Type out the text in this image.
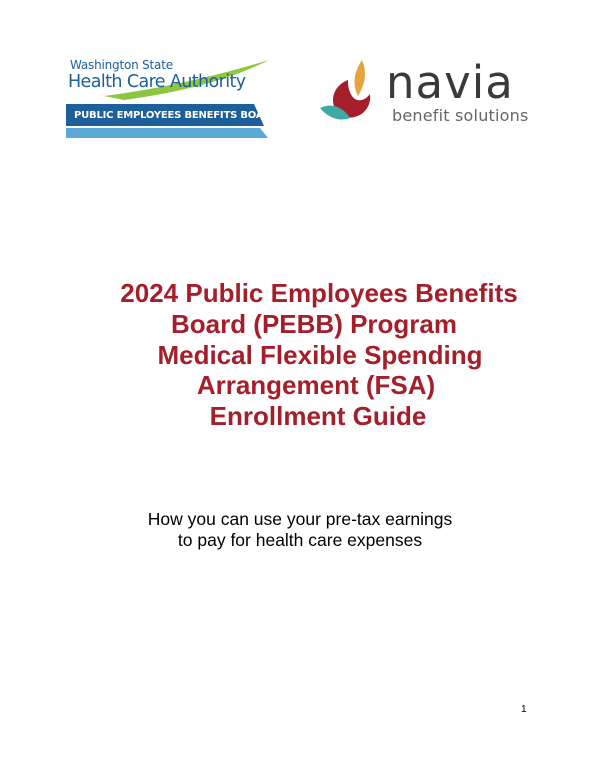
Washington State
Health Care Authority
PUBLIC EMPLOYEES BENEFITS BOARD
navia
benefit solutions
2024 Public Employees Benefits
Board (PEBB) Program
Medical Flexible Spending
Arrangement (FSA)
Enrollment Guide
How you can use your pre-tax earnings
to pay for health care expenses
1
